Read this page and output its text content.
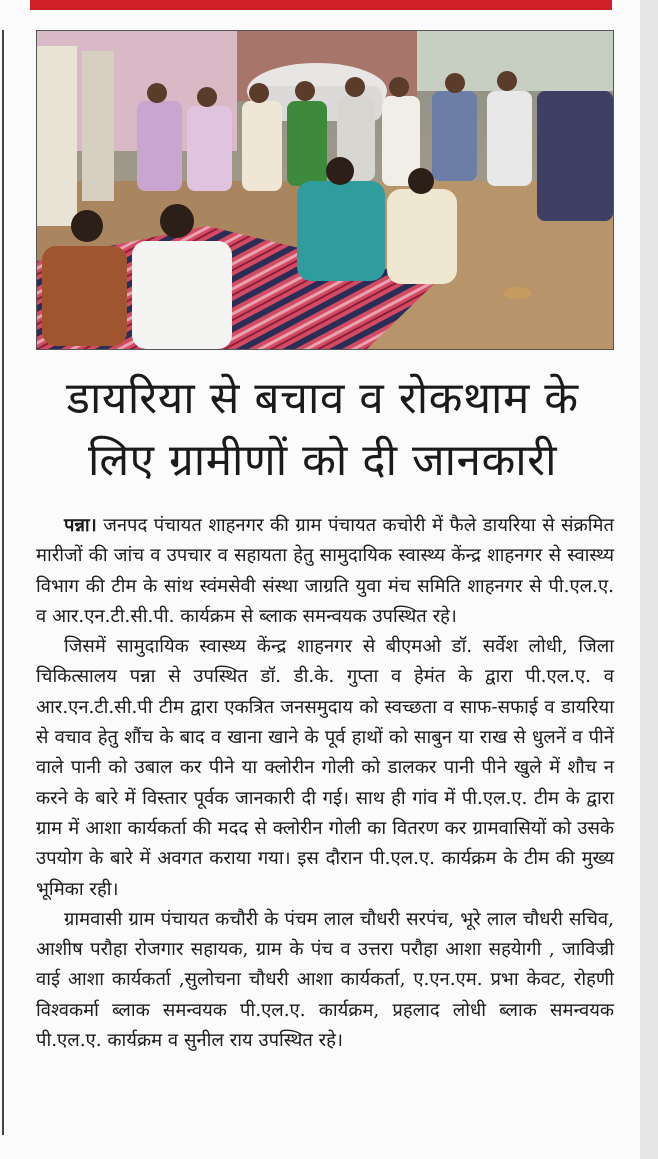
डायरिया से बचाव व रोकथाम के
लिए ग्रामीणों को दी जानकारी

पन्ना। जनपद पंचायत शाहनगर की ग्राम पंचायत कचोरी में फैले डायरिया से संक्रमित मारीजों की जांच व उपचार व सहायता हेतु सामुदायिक स्वास्थ्य केंन्द्र शाहनगर से स्वास्थ्य विभाग की टीम के सांथ स्वंमसेवी संस्था जाग्रति युवा मंच समिति शाहनगर से पी.एल.ए. व आर.एन.टी.सी.पी. कार्यक्रम से ब्लाक समन्वयक उपस्थित रहे।

जिसमें सामुदायिक स्वास्थ्य केंन्द्र शाहनगर से बीएमओ डॉ. सर्वेश लोधी, जिला चिकित्सालय पन्ना से उपस्थित डॉ. डी.के. गुप्ता व हेमंत के द्वारा पी.एल.ए. व आर.एन.टी.सी.पी टीम द्वारा एकत्रित जनसमुदाय को स्वच्छता व साफ-सफाई व डायरिया से वचाव हेतु शौंच के बाद व खाना खाने के पूर्व हाथों को साबुन या राख से धुलनें व पीनें वाले पानी को उबाल कर पीने या क्लोरीन गोली को डालकर पानी पीने खुले में शौच न करने के बारे में विस्तार पूर्वक जानकारी दी गई। साथ ही गांव में पी.एल.ए. टीम के द्वारा ग्राम में आशा कार्यकर्ता की मदद से क्लोरीन गोली का वितरण कर ग्रामवासियों को उसके उपयोग के बारे में अवगत कराया गया। इस दौरान पी.एल.ए. कार्यक्रम के टीम की मुख्य भूमिका रही।

ग्रामवासी ग्राम पंचायत कचौरी के पंचम लाल चौधरी सरपंच, भूरे लाल चौधरी सचिव, आशीष परौहा रोजगार सहायक, ग्राम के पंच व उत्तरा परौहा आशा सहयेागी , जाविज्री वाई आशा कार्यकर्ता ,सुलोचना चौधरी आशा कार्यकर्ता, ए.एन.एम. प्रभा केवट, रोहणी विश्वकर्मा ब्लाक समन्वयक पी.एल.ए. कार्यक्रम, प्रहलाद लोधी ब्लाक समन्वयक पी.एल.ए. कार्यक्रम व सुनील राय उपस्थित रहे।
